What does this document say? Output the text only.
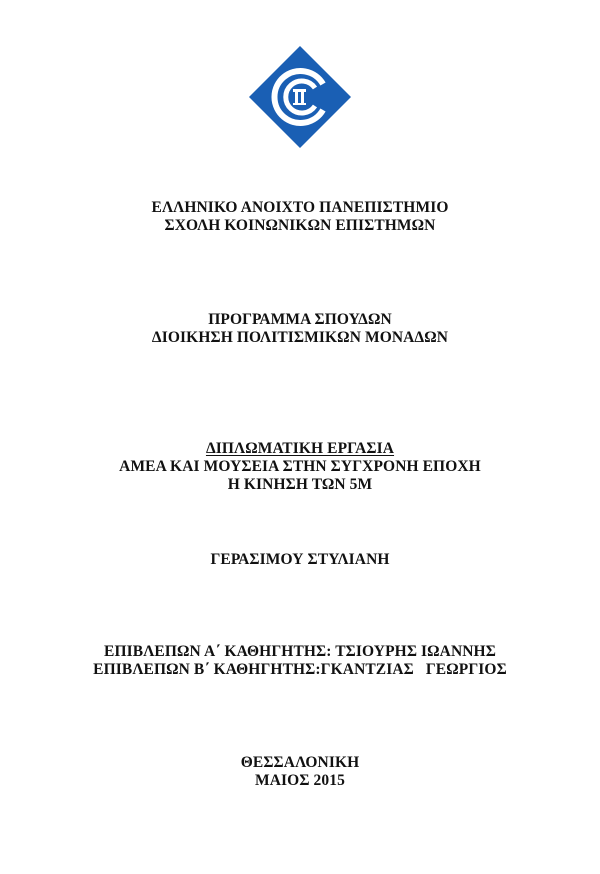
ΕΛΛΗΝΙΚΟ ΑΝΟΙΧΤΟ ΠΑΝΕΠΙΣΤΗΜΙΟ
ΣΧΟΛΗ ΚΟΙΝΩΝΙΚΩΝ ΕΠΙΣΤΗΜΩΝ
ΠΡΟΓΡΑΜΜΑ ΣΠΟΥΔΩΝ
ΔΙΟΙΚΗΣΗ ΠΟΛΙΤΙΣΜΙΚΩΝ ΜΟΝΑΔΩΝ
ΔΙΠΛΩΜΑΤΙΚΗ ΕΡΓΑΣΙΑ
ΑΜΕΑ ΚΑΙ ΜΟΥΣΕΙΑ ΣΤΗΝ ΣΥΓΧΡΟΝΗ ΕΠΟΧΗ
Η ΚΙΝΗΣΗ ΤΩΝ 5Μ
ΓΕΡΑΣΙΜΟΥ ΣΤΥΛΙΑΝΗ
ΕΠΙΒΛΕΠΩΝ Α΄ ΚΑΘΗΓΗΤΗΣ: ΤΣΙΟΥΡΗΣ ΙΩΑΝΝΗΣ
ΕΠΙΒΛΕΠΩΝ Β΄ ΚΑΘΗΓΗΤΗΣ:ΓΚΑΝΤΖΙΑΣ   ΓΕΩΡΓΙΟΣ
ΘΕΣΣΑΛΟΝΙΚΗ
ΜΑΙΟΣ 2015
